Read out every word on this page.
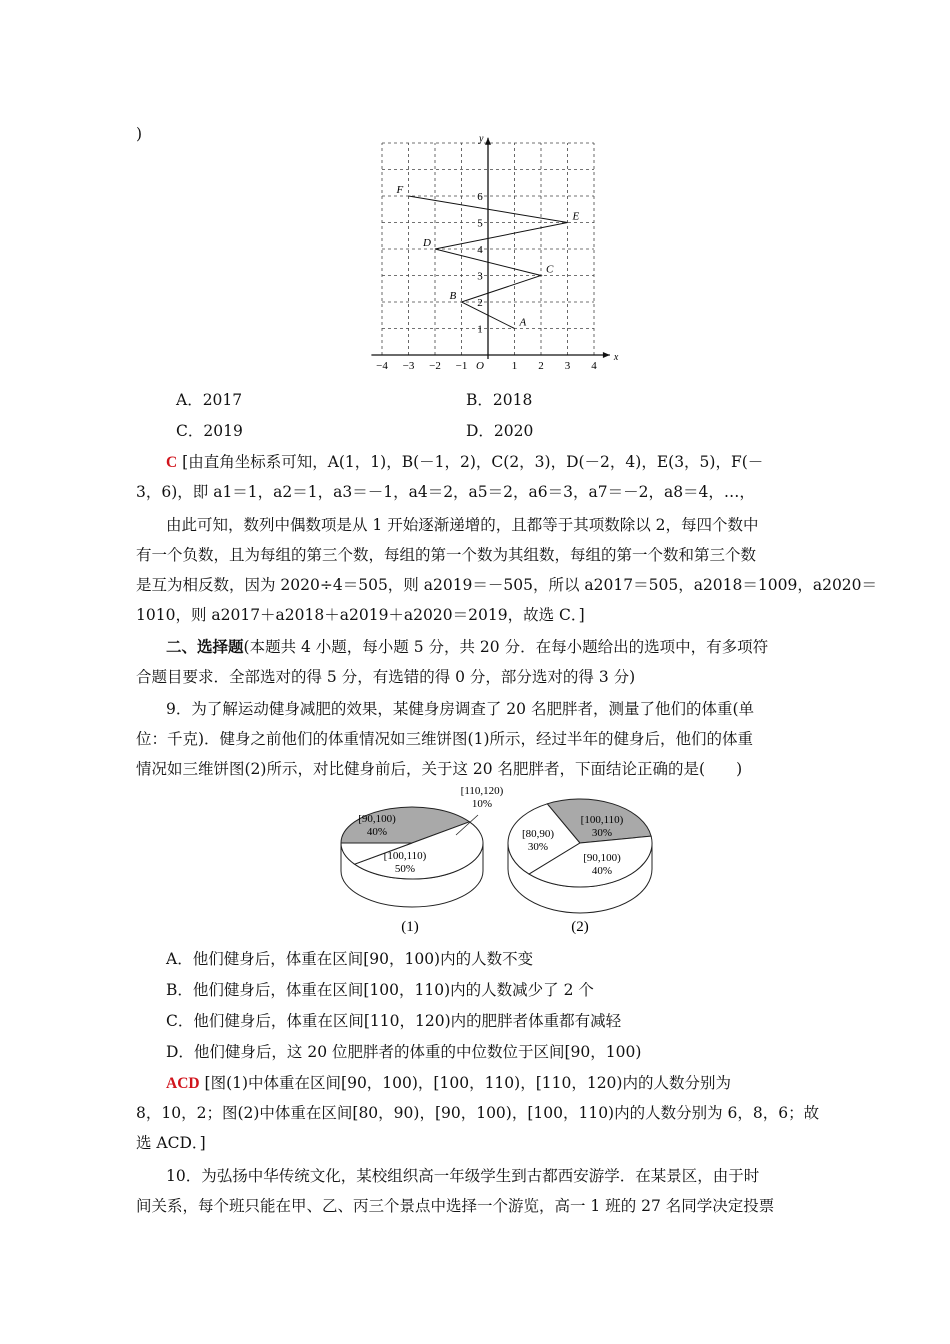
)
x
y
−4 −3 −2 −1	1 2 3 4
O
1
2
3
4
5
6
A
B
C
D
E
F
A．2017	B．2018
C．2019	D．2020
C [由直角坐标系可知，A(1，1)，B(－1，2)，C(2，3)，D(－2，4)，E(3，5)，F(－
3，6)，即 a1＝1，a2＝1，a3＝－1，a4＝2，a5＝2，a6＝3，a7＝－2，a8＝4，…，
由此可知，数列中偶数项是从 1 开始逐渐递增的，且都等于其项数除以 2，每四个数中
有一个负数，且为每组的第三个数，每组的第一个数为其组数，每组的第一个数和第三个数
是互为相反数，因为 2020÷4＝505，则 a2019＝－505，所以 a2017＝505，a2018＝1009，a2020＝
1010，则 a2017＋a2018＋a2019＋a2020＝2019，故选 C．]
二、选择题(本题共 4 小题，每小题 5 分，共 20 分．在每小题给出的选项中，有多项符
合题目要求．全部选对的得 5 分，有选错的得 0 分，部分选对的得 3 分)
9．为了解运动健身减肥的效果，某健身房调查了 20 名肥胖者，测量了他们的体重(单
位：千克)．健身之前他们的体重情况如三维饼图(1)所示，经过半年的健身后，他们的体重
情况如三维饼图(2)所示，对比健身前后，关于这 20 名肥胖者，下面结论正确的是(　　)
[90,100)
40%
[100,110)
50%
[110,120)
10%
[80,90)
30%
[100,110)
30%
[90,100)
40%
(1)	(2)
A．他们健身后，体重在区间[90，100)内的人数不变
B．他们健身后，体重在区间[100，110)内的人数减少了 2 个
C．他们健身后，体重在区间[110，120)内的肥胖者体重都有减轻
D．他们健身后，这 20 位肥胖者的体重的中位数位于区间[90，100)
ACD [图(1)中体重在区间[90，100)，[100，110)，[110，120)内的人数分别为
8，10，2；图(2)中体重在区间[80，90)，[90，100)，[100，110)内的人数分别为 6，8，6；故
选 ACD．]
10．为弘扬中华传统文化，某校组织高一年级学生到古都西安游学．在某景区，由于时
间关系，每个班只能在甲、乙、丙三个景点中选择一个游览，高一 1 班的 27 名同学决定投票
